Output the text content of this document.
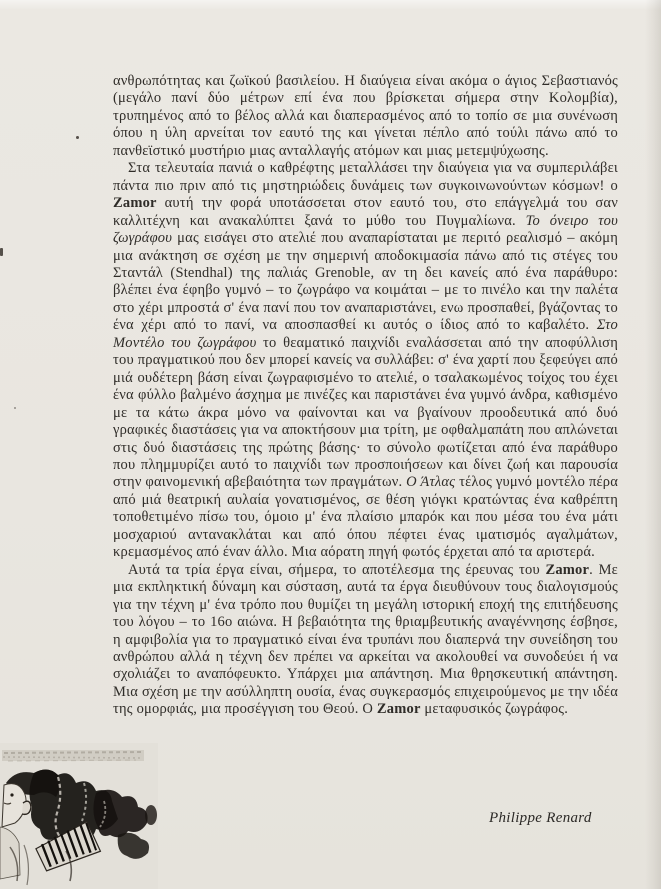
ανθρωπότητας και ζωϊκού βασιλείου. Η διαύγεια είναι ακόμα ο άγιος Σεβαστιανός (μεγάλο πανί δύο μέτρων επί ένα που βρίσκεται σήμερα στην Κολομβία), τρυπημένος από το βέλος αλλά και διαπερασμένος από το τοπίο σε μια συνένωση όπου η ύλη αρνείται τον εαυτό της και γίνεται πέπλο από τούλι πάνω από το πανθεϊστικό μυστήριο μιας ανταλλαγής ατόμων και μιας μετεμψύχωσης.

Στα τελευταία πανιά ο καθρέφτης μεταλλάσει την διαύγεια για να συμπεριλάβει πάντα πιο πριν από τις μηστηριώδεις δυνάμεις των συγκοινωνούντων κόσμων! ο Zamor αυτή την φορά υποτάσσεται στον εαυτό του, στο επάγγελμά του σαν καλλιτέχνη και ανακαλύπτει ξανά το μύθο του Πυγμαλίωνα. Το όνειρο του ζωγράφου μας εισάγει στο ατελιέ που αναπαρίσταται με περιτό ρεαλισμό – ακόμη μια ανάκτηση σε σχέση με την σημερινή αποδοκιμασία πάνω από τις στέγες του Σταντάλ (Stendhal) της παλιάς Grenoble, αν τη δει κανείς από ένα παράθυρο: βλέπει ένα έφηβο γυμνό – το ζωγράφο να κοιμάται – με το πινέλο και την παλέτα στο χέρι μπροστά σ' ένα πανί που τον αναπαριστάνει, ενω προσπαθεί, βγάζοντας το ένα χέρι από το πανί, να αποσπασθεί κι αυτός ο ίδιος από το καβαλέτο. Στο Μοντέλο του ζωγράφου το θεαματικό παιχνίδι εναλάσσεται από την αποφύλλιση του πραγματικού που δεν μπορεί κανείς να συλλάβει: σ' ένα χαρτί που ξεφεύγει από μιά ουδέτερη βάση είναι ζωγραφισμένο το ατελιέ, ο τσαλακωμένος τοίχος του έχει ένα φύλλο βαλμένο άσχημα με πινέζες και παριστάνει ένα γυμνό άνδρα, καθισμένο με τα κάτω άκρα μόνο να φαίνονται και να βγαίνουν προοδευτικά από δυό γραφικές διαστάσεις για να αποκτήσουν μια τρίτη, με οφθαλμαπάτη που απλώνεται στις δυό διαστάσεις της πρώτης βάσης· το σύνολο φωτίζεται από ένα παράθυρο που πλημμυρίζει αυτό το παιχνίδι των προσποιήσεων και δίνει ζωή και παρουσία στην φαινομενική αβεβαιότητα των πραγμάτων. Ο Άτλας τέλος γυμνό μοντέλο πέρα από μιά θεατρική αυλαία γονατισμένος, σε θέση γιόγκι κρατώντας ένα καθρέπτη τοποθετιμένο πίσω του, όμοιο μ' ένα πλαίσιο μπαρόκ και που μέσα του ένα μάτι μοσχαριού αντανακλάται και από όπου πέφτει ένας ιματισμός αγαλμάτων, κρεμασμένος από έναν άλλο. Μια αόρατη πηγή φωτός έρχεται από τα αριστερά.

Αυτά τα τρία έργα είναι, σήμερα, το αποτέλεσμα της έρευνας του Zamor. Με μια εκπληκτική δύναμη και σύσταση, αυτά τα έργα διευθύνουν τους διαλογισμούς για την τέχνη μ' ένα τρόπο που θυμίζει τη μεγάλη ιστορική εποχή της επιτήδευσης του λόγου – το 16ο αιώνα. Η βεβαιότητα της θριαμβευτικής αναγέννησης έσβησε, η αμφιβολία για το πραγματικό είναι ένα τρυπάνι που διαπερνά την συνείδηση του ανθρώπου αλλά η τέχνη δεν πρέπει να αρκείται να ακολουθεί να συνοδεύει ή να σχολιάζει το αναπόφευκτο. Υπάρχει μια απάντηση. Μια θρησκευτική απάντηση. Μια σχέση με την ασύλληπτη ουσία, ένας συγκερασμός επιχειρούμενος με την ιδέα της ομορφιάς, μια προσέγγιση του Θεού. Ο Zamor μεταφυσικός ζωγράφος.

Philippe Renard
